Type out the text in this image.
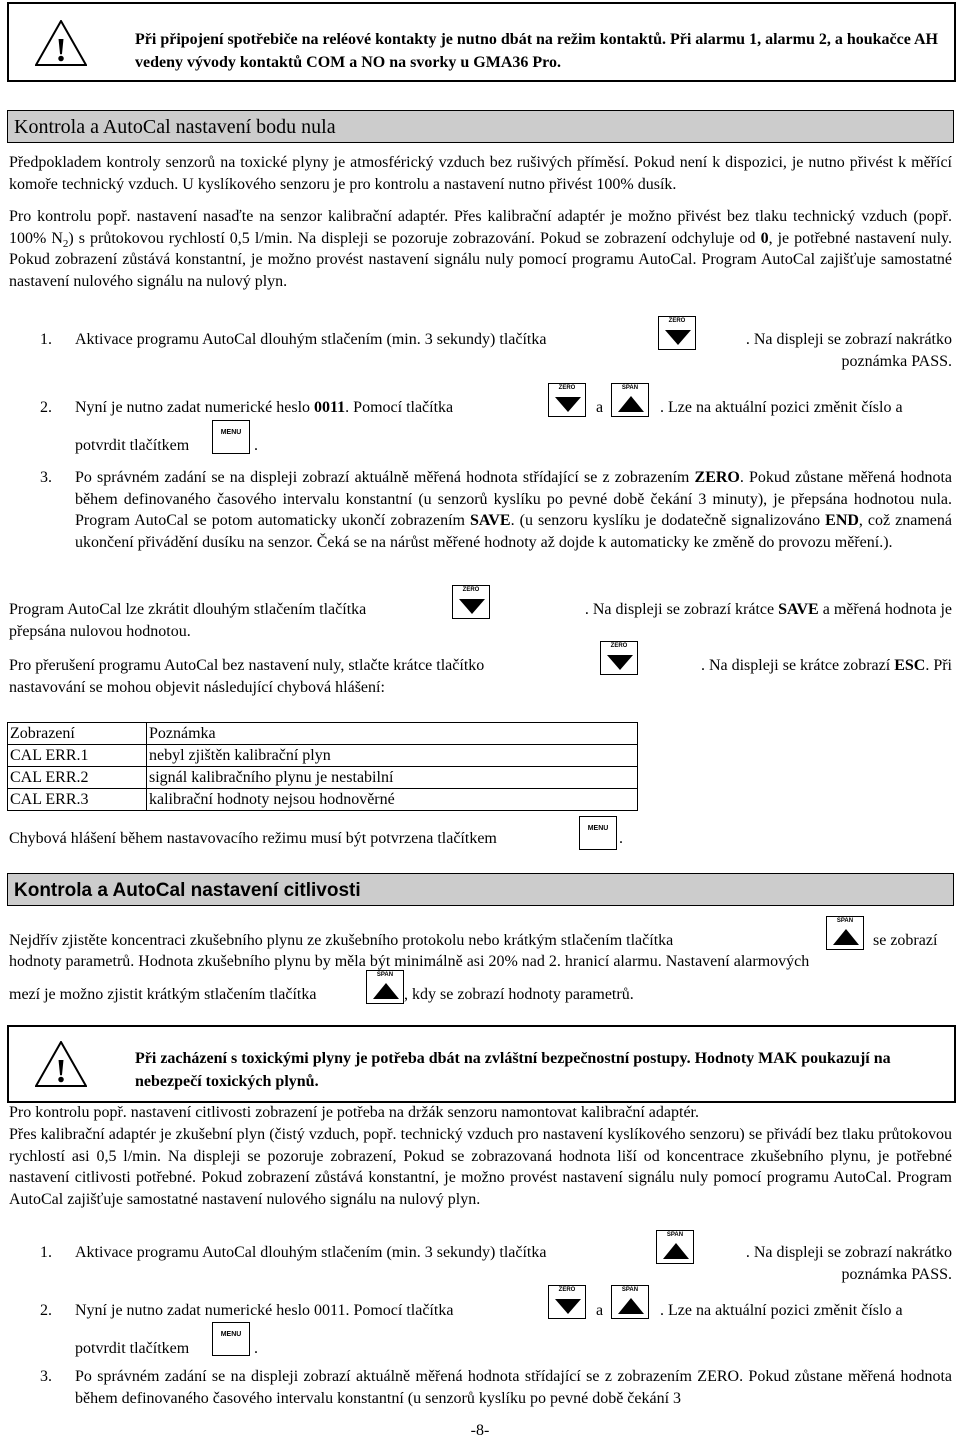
!	Při připojení spotřebiče na reléové kontakty je nutno dbát na režim kontaktů. Při alarmu 1, alarmu 2, a houkačce AH vedeny vývody kontaktů COM a NO na svorky u GMA36 Pro.
Kontrola a AutoCal nastavení bodu nula

Předpokladem kontroly senzorů na toxické plyny je atmosférický vzduch bez rušivých příměsí. Pokud není k dispozici, je nutno přivést k měřící komoře technický vzduch. U kyslíkového senzoru je pro kontrolu a nastavení nutno přivést 100% dusík.

Pro kontrolu popř. nastavení nasaďte na senzor kalibrační adaptér. Přes kalibrační adaptér je možno přivést bez tlaku technický vzduch (popř. 100% $N_2$) s průtokovou rychlostí 0,5 l/min. Na displeji se pozoruje zobrazování. Pokud se zobrazení odchyluje od 0, je potřebné nastavení nuly. Pokud zobrazení zůstává konstantní, je možno provést nastavení signálu nuly pomocí programu AutoCal. Program AutoCal zajišťuje samostatné nastavení nulového signálu na nulový plyn.

1. Aktivace programu AutoCal dlouhým stlačením (min. 3 sekundy) tlačítka
ZERO
. Na displeji se zobrazí nakrátko poznámka PASS.
2. Nyní je nutno zadat numerické heslo 0011. Pomocí tlačítka	a	. Lze na aktuální pozici změnit číslo a
potvrdit tlačítkem	.
ZERO	SPAN
MENU
3. Po správném zadání se na displeji zobrazí aktuálně měřená hodnota střídající se z zobrazením ZERO. Pokud zůstane měřená hodnota během definovaného časového intervalu konstantní (u senzorů kyslíku po pevné době čekání 3 minuty), je přepsána hodnotou nula. Program AutoCal se potom automaticky ukončí zobrazením SAVE. (u senzoru kyslíku je dodatečně signalizováno END, což znamená ukončení přivádění dusíku na senzor. Čeká se na nárůst měřené hodnoty až dojde k automaticky ke změně do provozu měření.).
Program AutoCal lze zkrátit dlouhým stlačením tlačítka	. Na displeji se zobrazí krátce SAVE a měřená hodnota je
přepsána nulovou hodnotou.
ZERO
Pro přerušení programu AutoCal bez nastavení nuly, stlačte krátce tlačítko	. Na displeji se krátce zobrazí ESC. Při
nastavování se mohou objevit následující chybová hlášení:
ZERO
Zobrazení	Poznámka
CAL ERR.1	nebyl zjištěn kalibrační plyn
CAL ERR.2	signál kalibračního plynu je nestabilní
CAL ERR.3	kalibrační hodnoty nejsou hodnověrné
Chybová hlášení během nastavovacího režimu musí být potvrzena tlačítkem	.
MENU
Kontrola a AutoCal nastavení citlivosti
Nejdřív zjistěte koncentraci zkušebního plynu ze zkušebního protokolu nebo krátkým stlačením tlačítka	se zobrazí
hodnoty parametrů. Hodnota zkušebního plynu by měla být minimálně asi 20% nad 2. hranicí alarmu. Nastavení alarmových
mezí je možno zjistit krátkým stlačením tlačítka	, kdy se zobrazí hodnoty parametrů.
SPAN
SPAN
!	Při zacházení s toxickými plyny je potřeba dbát na zvláštní bezpečnostní postupy. Hodnoty MAK poukazují na nebezpečí toxických plynů.

Pro kontrolu popř. nastavení citlivosti zobrazení je potřeba na držák senzoru namontovat kalibrační adaptér.

Přes kalibrační adaptér je zkušební plyn (čistý vzduch, popř. technický vzduch pro nastavení kyslíkového senzoru) se přivádí bez tlaku průtokovou rychlostí asi 0,5 l/min. Na displeji se pozoruje zobrazení, Pokud se zobrazovaná hodnota liší od koncentrace zkušebního plynu, je potřebné nastavení citlivosti potřebné. Pokud zobrazení zůstává konstantní, je možno provést nastavení signálu nuly pomocí programu AutoCal. Program AutoCal zajišťuje samostatné nastavení nulového signálu na nulový plyn.

1. Aktivace programu AutoCal dlouhým stlačením (min. 3 sekundy) tlačítka	. Na displeji se zobrazí nakrátko poznámka PASS.
SPAN
2. Nyní je nutno zadat numerické heslo 0011. Pomocí tlačítka	a	. Lze na aktuální pozici změnit číslo a
potvrdit tlačítkem	.
ZERO	SPAN
MENU
3. Po správném zadání se na displeji zobrazí aktuálně měřená hodnota střídající se z zobrazením ZERO. Pokud zůstane měřená hodnota během definovaného časového intervalu konstantní (u senzorů kyslíku po pevné době čekání 3
-8-
